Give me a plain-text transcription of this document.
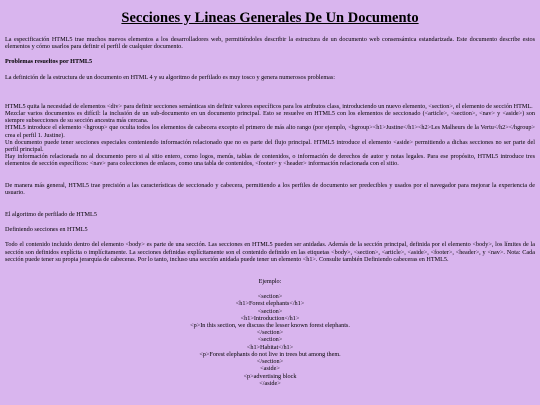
Secciones y Lineas Generales De Un Documento

La especificación HTML5 trae muchos nuevos elementos a los desarrolladores web, permitiéndoles describir la estructura de un documento web consensámica estandarizada. Este documento describe estos elementos y cómo usarlos para definir el perfil de cualquier documento.

Problemas resueltos por HTML5

La definición de la estructura de un documento en HTML 4 y su algoritmo de perfilado es muy tosco y genera numerosos problemas:

HTML5 quita la necesidad de elementos <div> para definir secciones semánticas sin definir valores específicos para los atributos class, introduciendo un nuevo elemento, <section>, el elemento de sección HTML.
Mezclar varios documentos es difícil: la inclusión de un sub-documento en un documento principal. Esto se resuelve en HTML5 con los elementos de seccionado (<article>, <section>, <nav> y <aside>) son siempre subsecciones de su sección ancestra más cercana.
HTML5 introduce el elemento <hgroup> que oculta todos los elementos de cabecera excepto el primero de más alto rango (por ejemplo, <hgroup><h1>Justine</h1><h2>Les Malheurs de la Vertu</h2></hgroup> crea el perfil 1. Justine).
Un documento puede tener secciones especiales conteniendo información relacionado que no es parte del flujo principal. HTML5 introduce el elemento <aside> permitiendo a dichas secciones no ser parte del perfil principal.
Hay información relacionada no al documento pero si al sitio entero, como logos, menús, tablas de contenidos, o información de derechos de autor y notas legales. Para ese propósito, HTML5 introduce tres elementos de sección específicos: <nav> para colecciones de enlaces, como una tabla de contenidos, <footer> y <header> información relacionada con el sitio.

De manera más general, HTML5 trae precisión a las características de seccionado y cabecera, permitiendo a los perfiles de documento ser predecibles y usados por el navegador para mejorar la experiencia de usuario.

El algoritmo de perfilado de HTML5

Definiendo secciones en HTML5

Todo el contenido incluido dentro del elemento <body> es parte de una sección. Las secciones en HTML5 pueden ser anidadas. Además de la sección principal, definida por el elemento <body>, los límites de la sección son definidos explícita o implícitamente. La secciones definidas explícitamente son el contenido definido en las etiquetas <body>, <section>, <article>, <aside>, <footer>, <header>, y <nav>. Nota: Cada sección puede tener su propia jerarquía de cabeceras. Por lo tanto, incluso una sección anidada puede tener un elemento <h1>. Consulte también Definiendo cabeceras en HTML5.

Ejemplo:

<section>
<h1>Forest elephants</h1>
<section>
<h1>Introduction</h1>
<p>In this section, we discuss the lesser known forest elephants.
</section>
<section>
<h1>Habitat</h1>
<p>Forest elephants do not live in trees but among them.
</section>
<aside>
<p>advertising block
</aside>
